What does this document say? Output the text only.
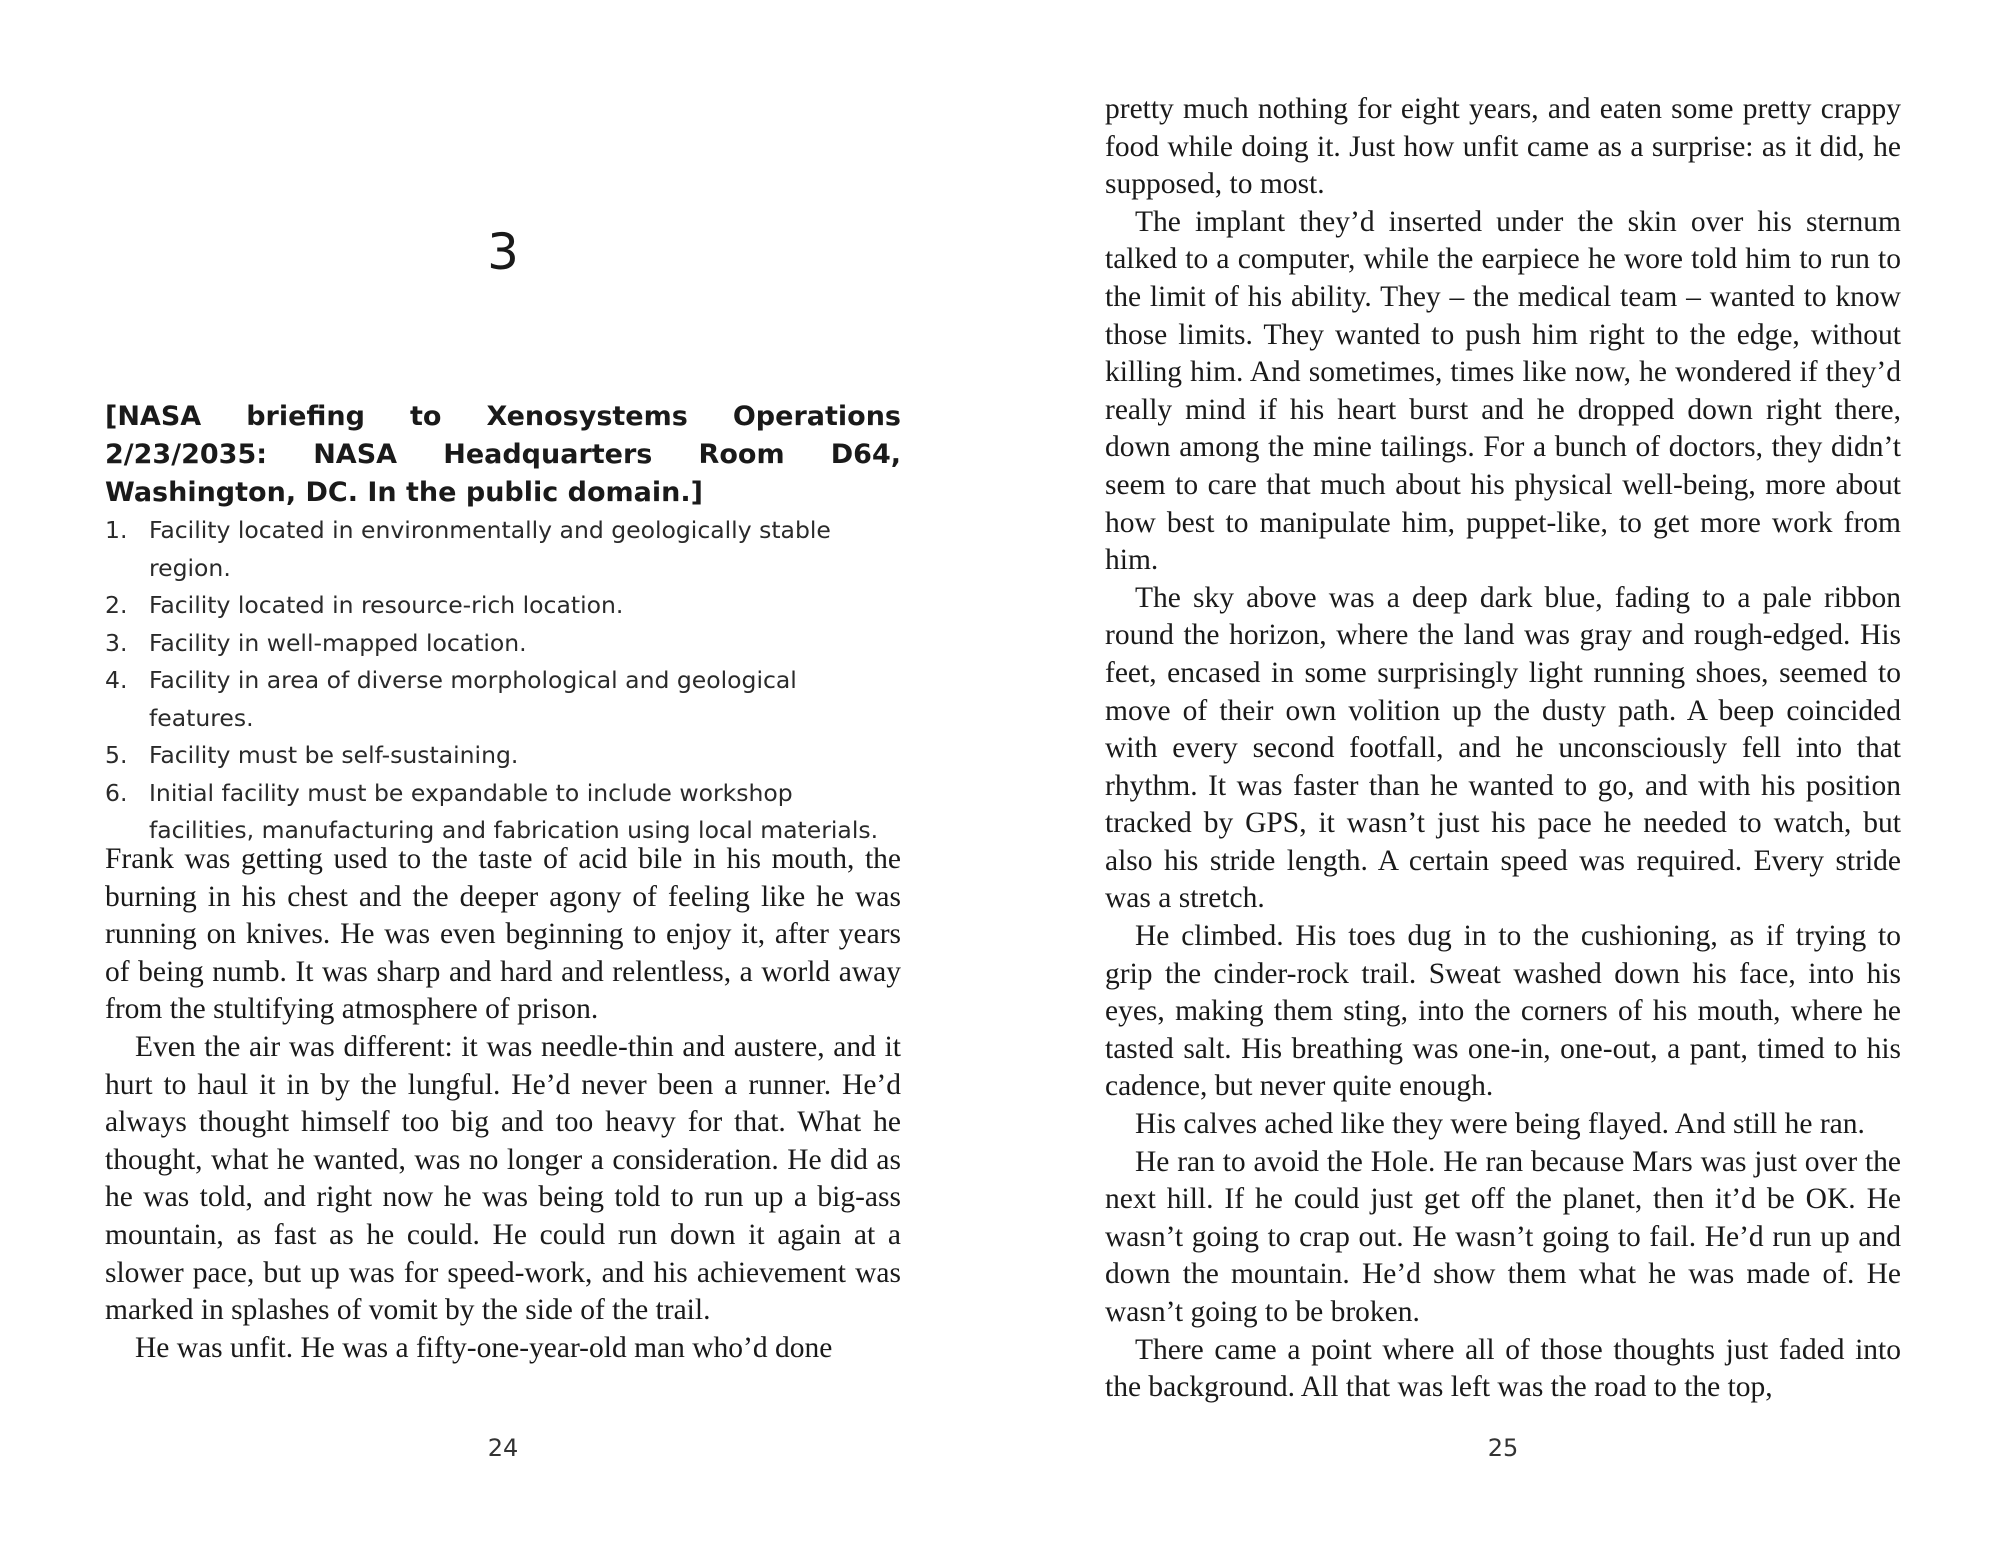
3
[NASA briefing to Xenosystems Operations 2/23/2035: NASA Headquarters Room D64, Washington, DC. In the public domain.]
1. Facility located in environmentally and geologically stable region.
2. Facility located in resource-rich location.
3. Facility in well-mapped location.
4. Facility in area of diverse morphological and geological features.
5. Facility must be self-sustaining.
6. Initial facility must be expandable to include workshop facilities, manufacturing and fabrication using local materials.

Frank was getting used to the taste of acid bile in his mouth, the burning in his chest and the deeper agony of feeling like he was running on knives. He was even beginning to enjoy it, after years of being numb. It was sharp and hard and relentless, a world away from the stultifying atmosphere of prison.

Even the air was different: it was needle-thin and austere, and it hurt to haul it in by the lungful. He’d never been a runner. He’d always thought himself too big and too heavy for that. What he thought, what he wanted, was no longer a consideration. He did as he was told, and right now he was being told to run up a big-ass mountain, as fast as he could. He could run down it again at a slower pace, but up was for speed-work, and his achievement was marked in splashes of vomit by the side of the trail.

He was unfit. He was a fifty-one-year-old man who’d done

24

pretty much nothing for eight years, and eaten some pretty crappy food while doing it. Just how unfit came as a surprise: as it did, he supposed, to most.

The implant they’d inserted under the skin over his sternum talked to a computer, while the earpiece he wore told him to run to the limit of his ability. They – the medical team – wanted to know those limits. They wanted to push him right to the edge, without killing him. And sometimes, times like now, he wondered if they’d really mind if his heart burst and he dropped down right there, down among the mine tailings. For a bunch of doctors, they didn’t seem to care that much about his physical well-being, more about how best to manipulate him, puppet-like, to get more work from him.

The sky above was a deep dark blue, fading to a pale ribbon round the horizon, where the land was gray and rough-edged. His feet, encased in some surprisingly light running shoes, seemed to move of their own volition up the dusty path. A beep coincided with every second footfall, and he unconsciously fell into that rhythm. It was faster than he wanted to go, and with his position tracked by GPS, it wasn’t just his pace he needed to watch, but also his stride length. A certain speed was required. Every stride was a stretch.

He climbed. His toes dug in to the cushioning, as if trying to grip the cinder-rock trail. Sweat washed down his face, into his eyes, making them sting, into the corners of his mouth, where he tasted salt. His breathing was one-in, one-out, a pant, timed to his cadence, but never quite enough.

His calves ached like they were being flayed. And still he ran.

He ran to avoid the Hole. He ran because Mars was just over the next hill. If he could just get off the planet, then it’d be OK. He wasn’t going to crap out. He wasn’t going to fail. He’d run up and down the mountain. He’d show them what he was made of. He wasn’t going to be broken.

There came a point where all of those thoughts just faded into the background. All that was left was the road to the top,

25
